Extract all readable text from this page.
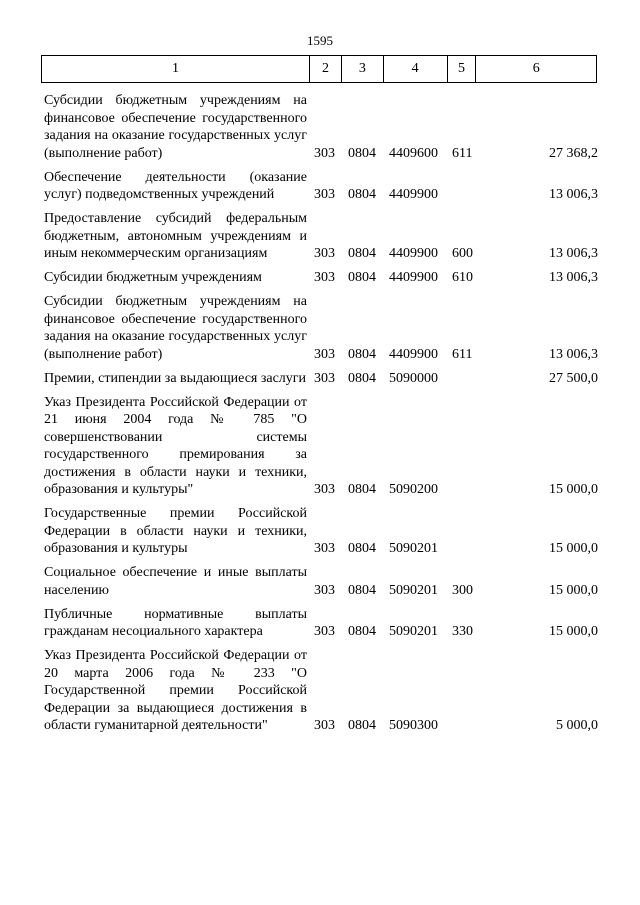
1595
1	2	3	4	5	6
Субсидии бюджетным учреждениям на финансовое обеспечение государственного задания на оказание государственных услуг (выполнение работ)	303 0804 4409600 611	27 368,2
Обеспечение деятельности (оказание услуг) подведомственных учреждений	303 0804 4409900	13 006,3
Предоставление субсидий федеральным бюджетным, автономным учреждениям и иным некоммерческим организациям	303 0804 4409900 600	13 006,3
Субсидии бюджетным учреждениям	303 0804 4409900 610	13 006,3
Субсидии бюджетным учреждениям на финансовое обеспечение государственного задания на оказание государственных услуг (выполнение работ)	303 0804 4409900 611	13 006,3
Премии, стипендии за выдающиеся заслуги 303 0804 5090000	27 500,0
Указ Президента Российской Федерации от 21 июня 2004 года № 785 "О совершенствовании системы государственного премирования за достижения в области науки и техники, образования и культуры"	303 0804 5090200	15 000,0
Государственные премии Российской Федерации в области науки и техники, образования и культуры	303 0804 5090201	15 000,0
Социальное обеспечение и иные выплаты населению	303 0804 5090201 300	15 000,0
Публичные нормативные выплаты гражданам несоциального характера	303 0804 5090201 330	15 000,0
Указ Президента Российской Федерации от 20 марта 2006 года № 233 "О Государственной премии Российской Федерации за выдающиеся достижения в области гуманитарной деятельности"	303 0804 5090300	5 000,0
